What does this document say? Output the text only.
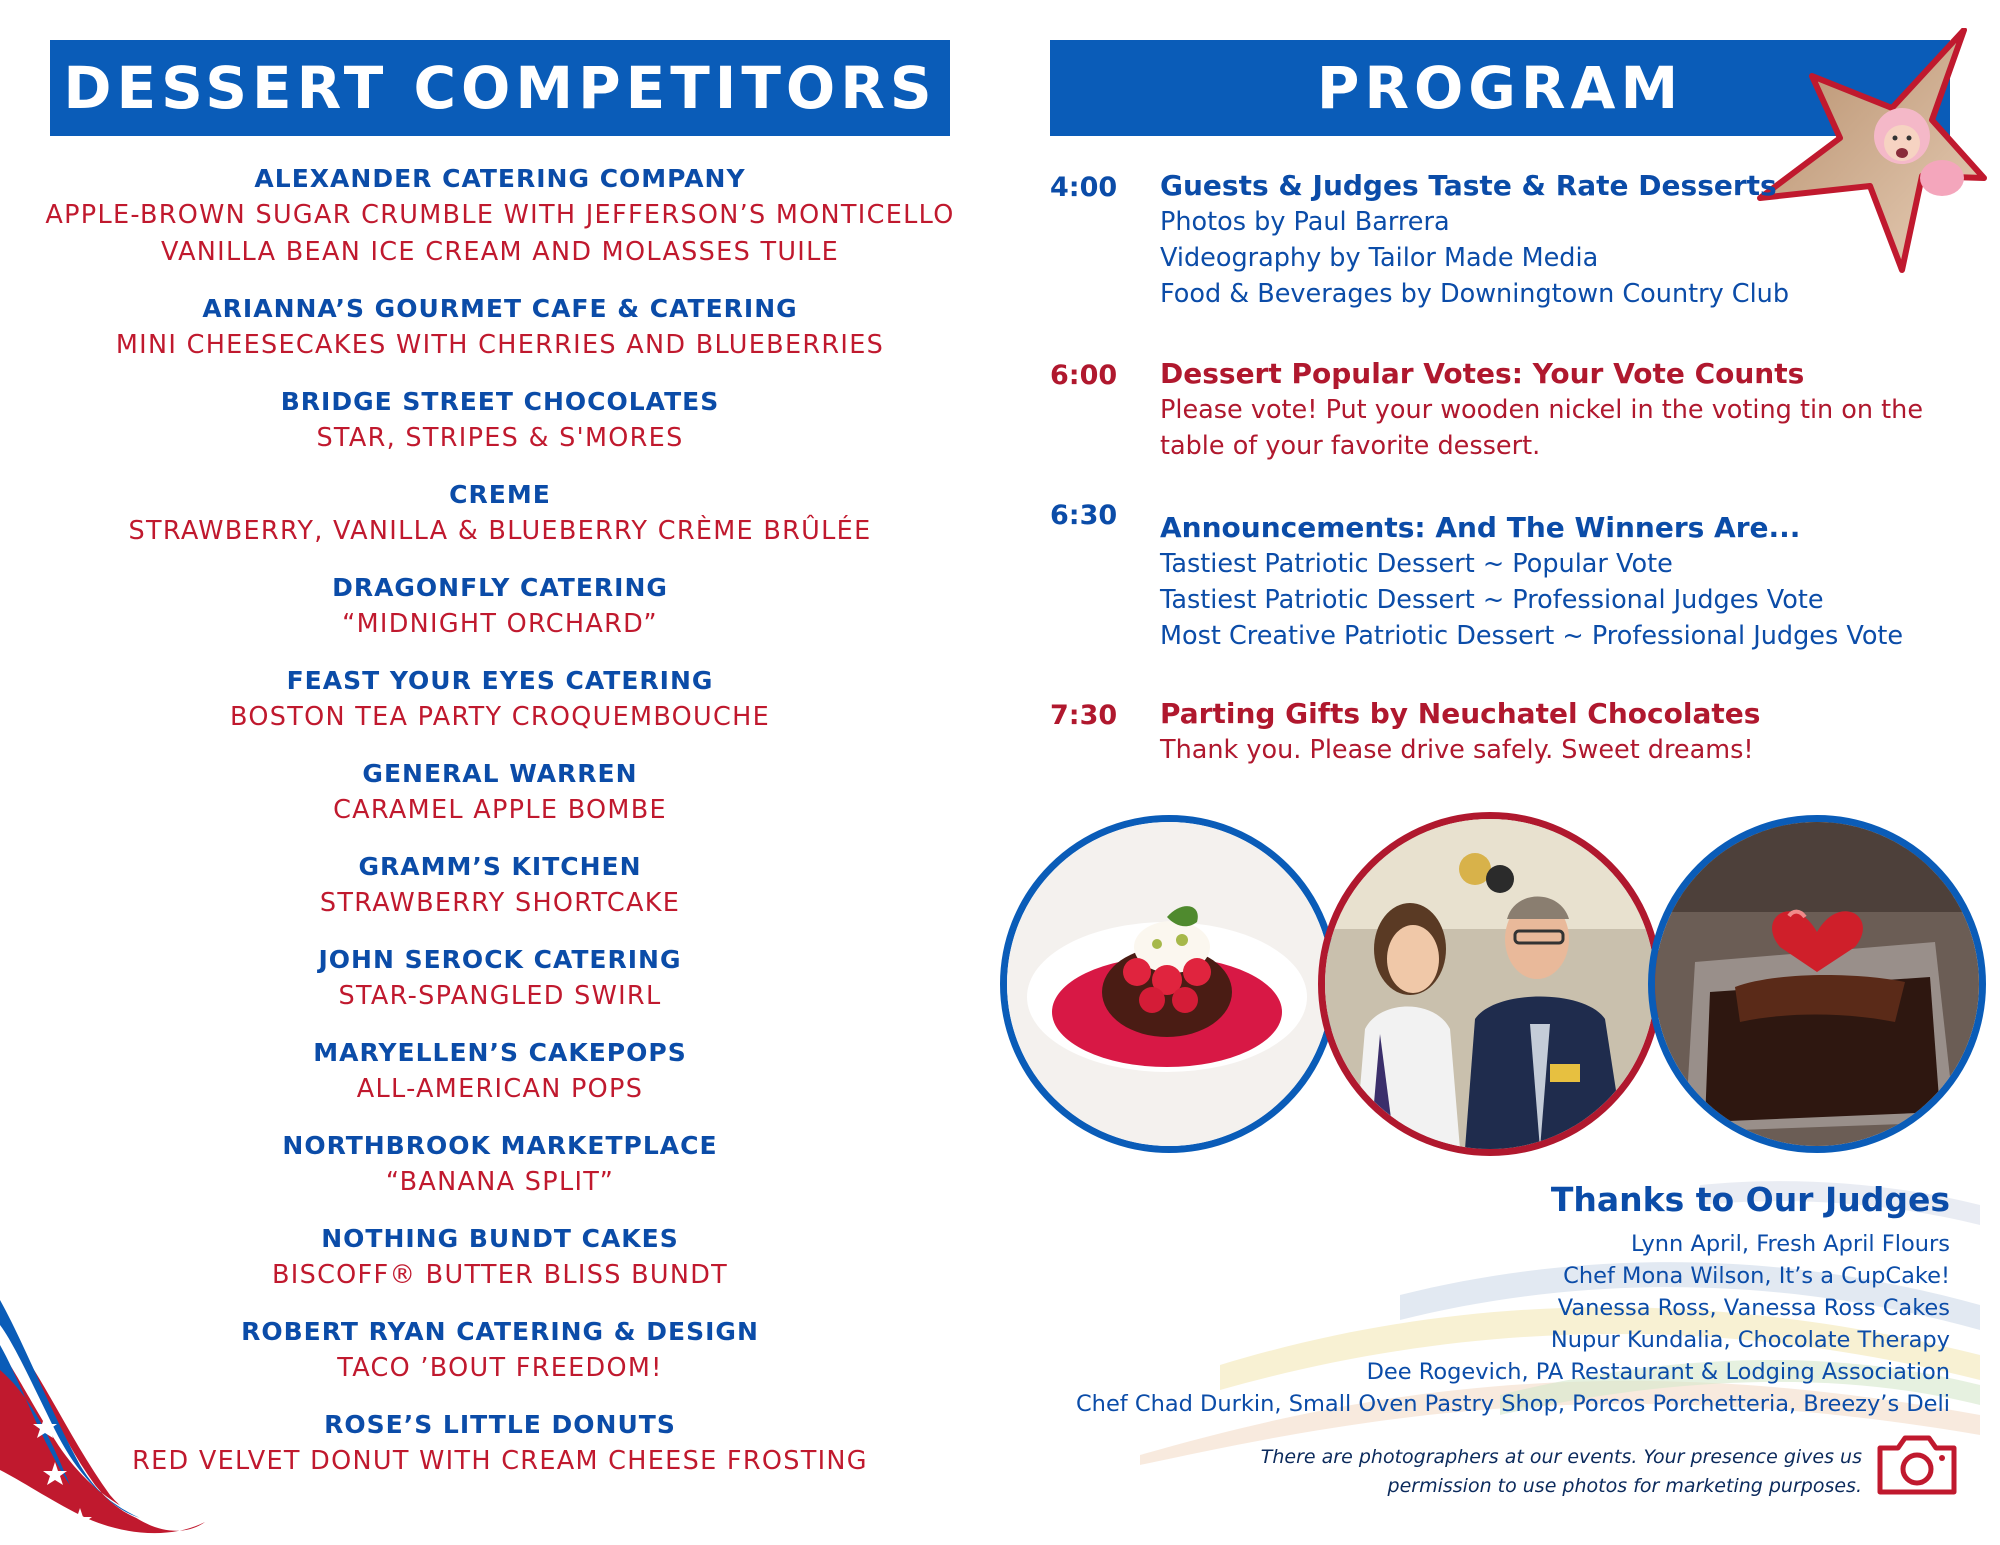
DESSERT COMPETITORS	PROGRAM
ALEXANDER CATERING COMPANY
APPLE-BROWN SUGAR CRUMBLE WITH JEFFERSON’S MONTICELLO VANILLA BEAN ICE CREAM AND MOLASSES TUILE
ARIANNA’S GOURMET CAFE & CATERING
MINI CHEESECAKES WITH CHERRIES AND BLUEBERRIES
BRIDGE STREET CHOCOLATES
STAR, STRIPES & S'MORES
CREME
STRAWBERRY, VANILLA & BLUEBERRY CRÈME BRÛLÉE
DRAGONFLY CATERING
“MIDNIGHT ORCHARD”
FEAST YOUR EYES CATERING
BOSTON TEA PARTY CROQUEMBOUCHE
GENERAL WARREN
CARAMEL APPLE BOMBE
GRAMM’S KITCHEN
STRAWBERRY SHORTCAKE
JOHN SEROCK CATERING
STAR-SPANGLED SWIRL
MARYELLEN’S CAKEPOPS
ALL-AMERICAN POPS
NORTHBROOK MARKETPLACE
“BANANA SPLIT”
NOTHING BUNDT CAKES
BISCOFF® BUTTER BLISS BUNDT
ROBERT RYAN CATERING & DESIGN
TACO ’BOUT FREEDOM!
ROSE’S LITTLE DONUTS
RED VELVET DONUT WITH CREAM CHEESE FROSTING
4:00	Guests & Judges Taste & Rate Desserts
Photos by Paul Barrera
Videography by Tailor Made Media
Food & Beverages by Downingtown Country Club
6:00	Dessert Popular Votes: Your Vote Counts
Please vote! Put your wooden nickel in the voting tin on the
table of your favorite dessert.
6:30	Announcements: And The Winners Are...
Tastiest Patriotic Dessert ~ Popular Vote
Tastiest Patriotic Dessert ~ Professional Judges Vote
Most Creative Patriotic Dessert ~ Professional Judges Vote
7:30	Parting Gifts by Neuchatel Chocolates
Thank you. Please drive safely. Sweet dreams!
Thanks to Our Judges
Lynn April, Fresh April Flours
Chef Mona Wilson, It’s a CupCake!
Vanessa Ross, Vanessa Ross Cakes
Nupur Kundalia, Chocolate Therapy
Dee Rogevich, PA Restaurant & Lodging Association
Chef Chad Durkin, Small Oven Pastry Shop, Porcos Porchetteria, Breezy’s Deli
There are photographers at our events. Your presence gives us
permission to use photos for marketing purposes.
